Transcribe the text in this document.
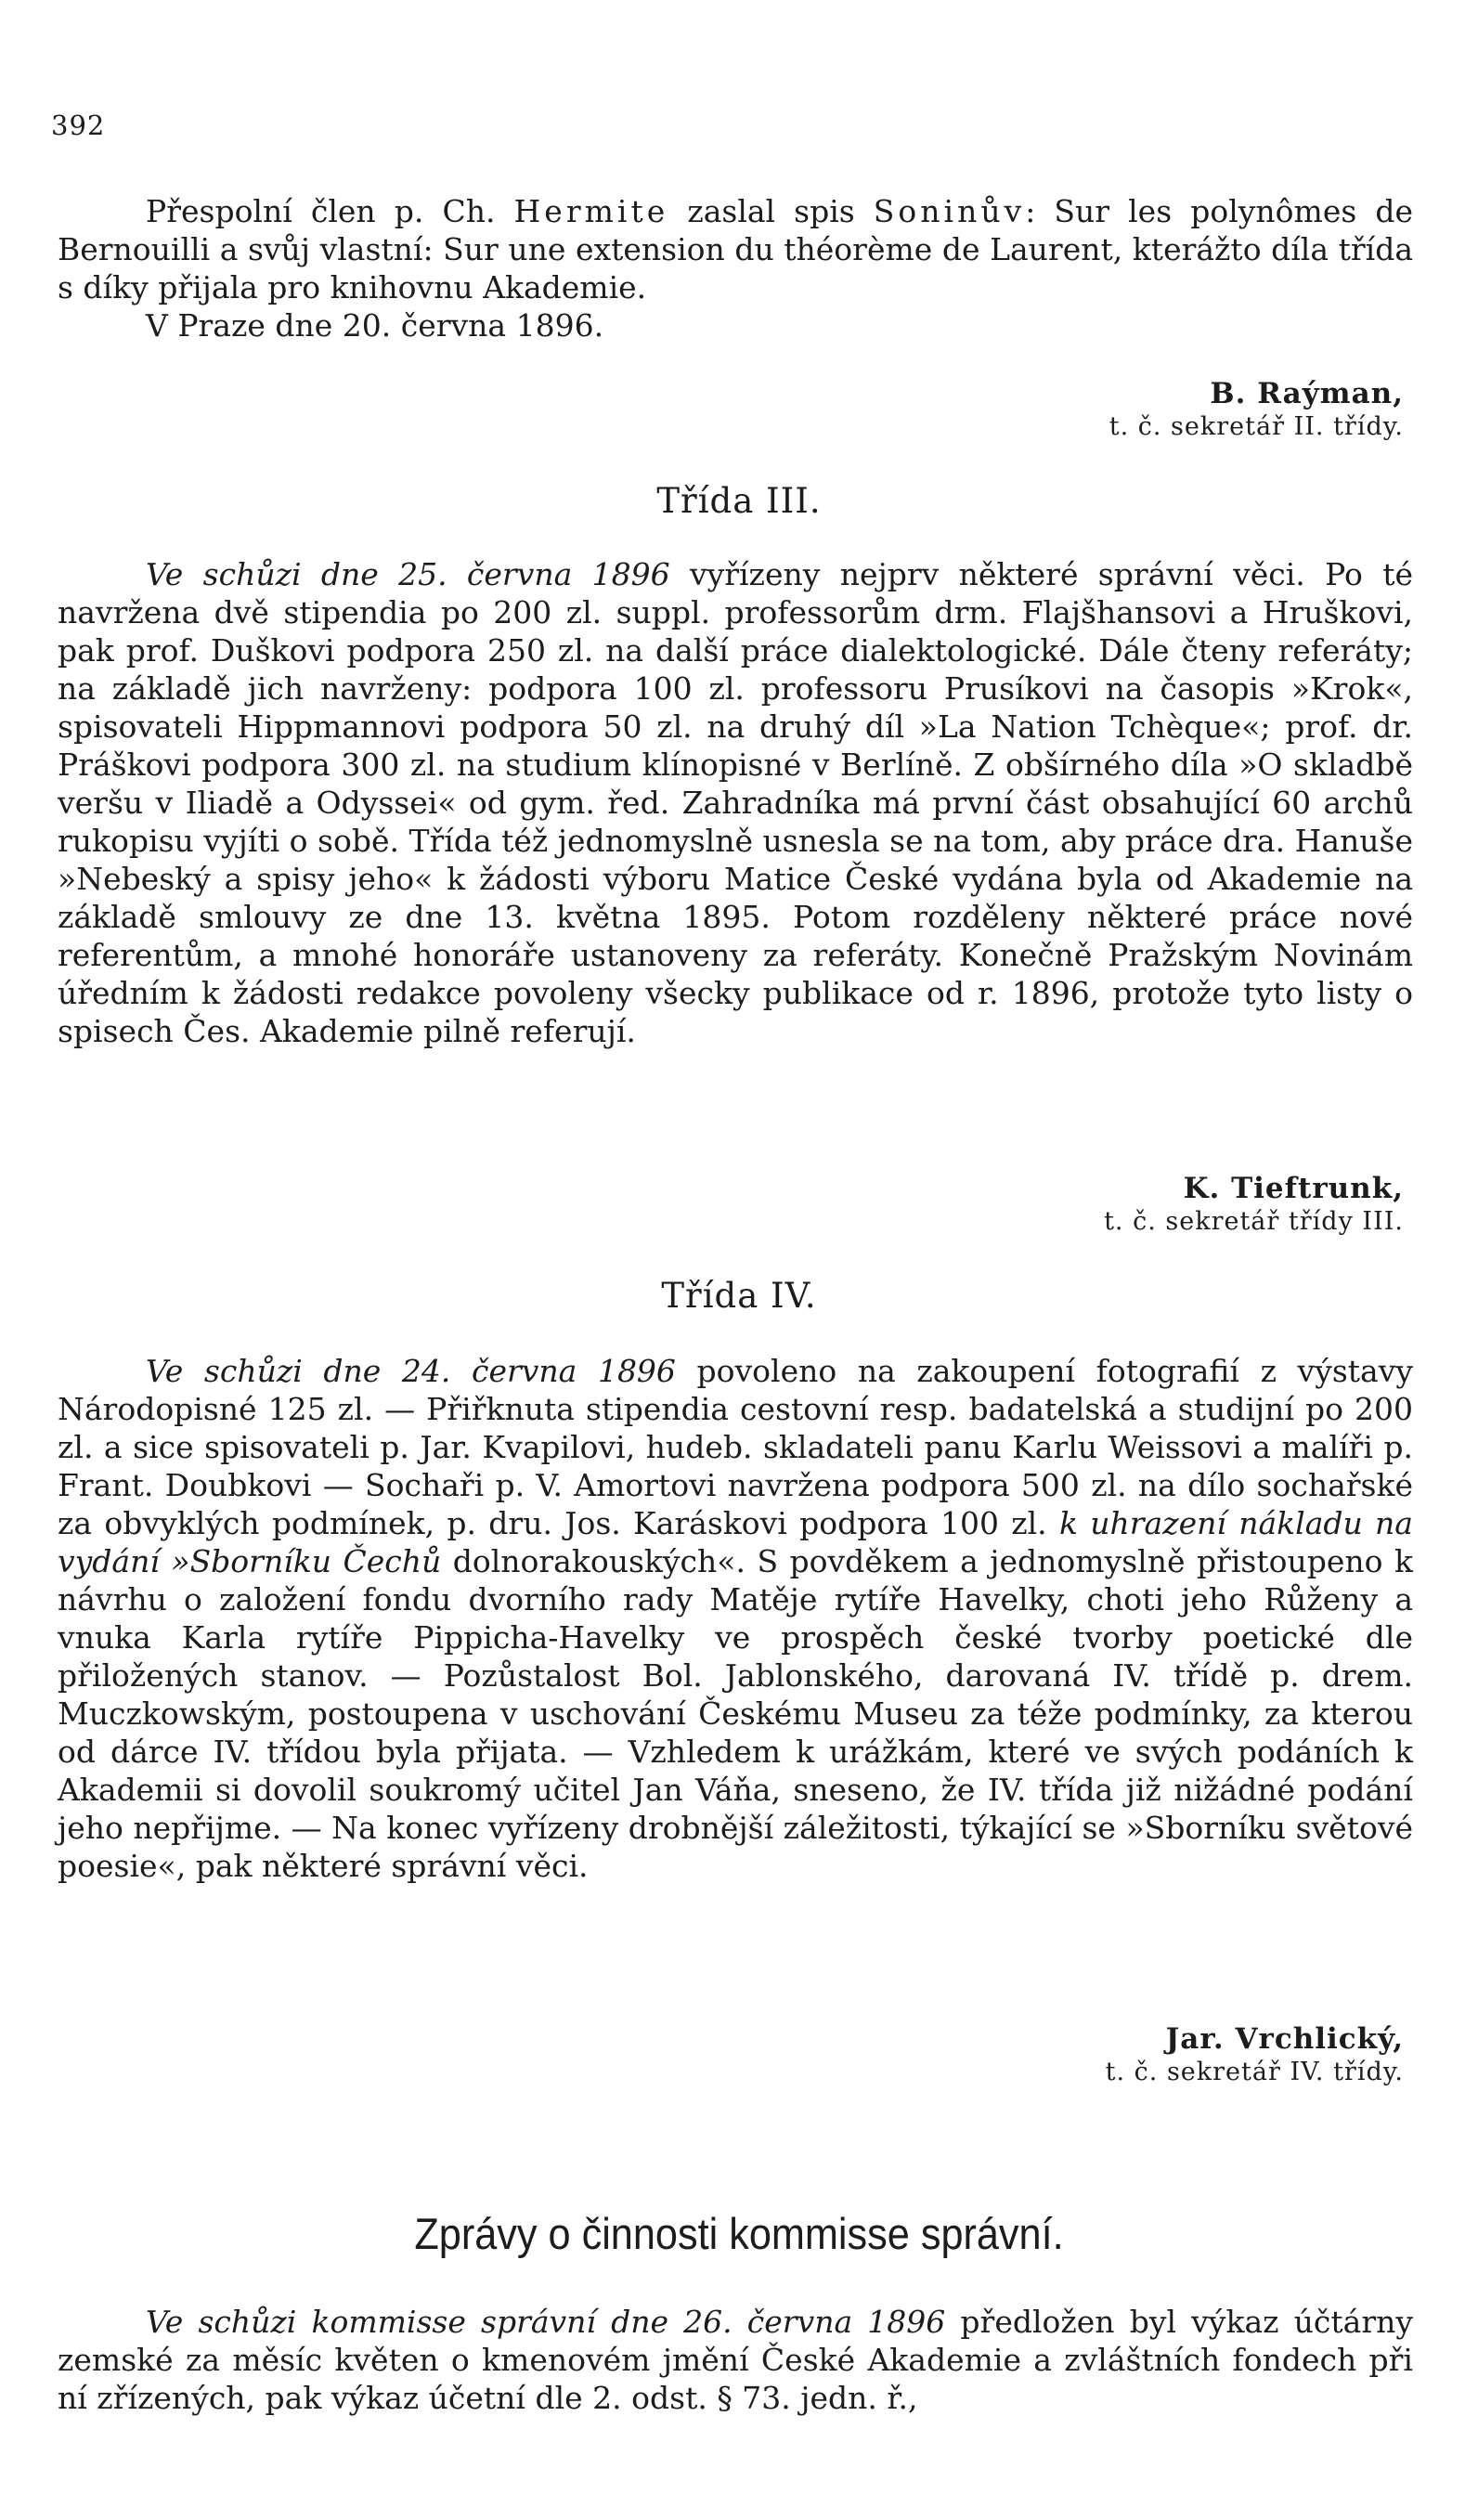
392

Přespolní člen p. Ch. Hermite zaslal spis Soninův: Sur les polynômes de Bernouilli a svůj vlastní: Sur une extension du théorème de Laurent, kterážto díla třída s díky přijala pro knihovnu Akademie.

V Praze dne 20. června 1896.

B. Raýman,
t. č. sekretář II. třídy.
Třída III.

Ve schůzi dne 25. června 1896 vyřízeny nejprv některé správní věci. Po té navržena dvě stipendia po 200 zl. suppl. professorům drm. Flajšhansovi a Hruškovi, pak prof. Duškovi podpora 250 zl. na další práce dialektologické. Dále čteny referáty; na základě jich navrženy: podpora 100 zl. professoru Prusíkovi na časopis »Krok«, spisovateli Hippmannovi podpora 50 zl. na druhý díl »La Nation Tchèque«; prof. dr. Práškovi podpora 300 zl. na studium klínopisné v Berlíně. Z obšírného díla »O skladbě veršu v Iliadě a Odyssei« od gym. řed. Zahradníka má první část obsahující 60 archů rukopisu vyjíti o sobě. Třída též jednomyslně usnesla se na tom, aby práce dra. Hanuše »Nebeský a spisy jeho« k žádosti výboru Matice České vydána byla od Akademie na základě smlouvy ze dne 13. května 1895. Potom rozděleny některé práce nové referentům, a mnohé honoráře ustanoveny za referáty. Konečně Pražským Novinám úředním k žádosti redakce povoleny všecky publikace od r. 1896, protože tyto listy o spisech Čes. Akademie pilně referují.

K. Tieftrunk,
t. č. sekretář třídy III.
Třída IV.

Ve schůzi dne 24. června 1896 povoleno na zakoupení fotografií z výstavy Národopisné 125 zl. — Přiřknuta stipendia cestovní resp. badatelská a studijní po 200 zl. a sice spisovateli p. Jar. Kvapilovi, hudeb. skladateli panu Karlu Weissovi a malíři p. Frant. Doubkovi — Sochaři p. V. Amortovi navržena podpora 500 zl. na dílo sochařské za obvyklých podmínek, p. dru. Jos. Karáskovi podpora 100 zl. k uhrazení nákladu na vydání »Sborníku Čechů dolnorakouských«. S povděkem a jednomyslně přistoupeno k návrhu o založení fondu dvorního rady Matěje rytíře Havelky, choti jeho Růženy a vnuka Karla rytíře Pippicha-Havelky ve prospěch české tvorby poetické dle přiložených stanov. — Pozůstalost Bol. Jablonského, darovaná IV. třídě p. drem. Muczkowským, postoupena v uschování Českému Museu za téže podmínky, za kterou od dárce IV. třídou byla přijata. — Vzhledem k urážkám, které ve svých podáních k Akademii si dovolil soukromý učitel Jan Váňa, sneseno, že IV. třída již nižádné podání jeho nepřijme. — Na konec vyřízeny drobnější záležitosti, týkající se »Sborníku světové poesie«, pak některé správní věci.

Jar. Vrchlický,
t. č. sekretář IV. třídy.
Zprávy o činnosti kommisse správní.

Ve schůzi kommisse správní dne 26. června 1896 předložen byl výkaz účtárny zemské za měsíc květen o kmenovém jmění České Akademie a zvláštních fondech při ní zřízených, pak výkaz účetní dle 2. odst. § 73. jedn. ř.,
